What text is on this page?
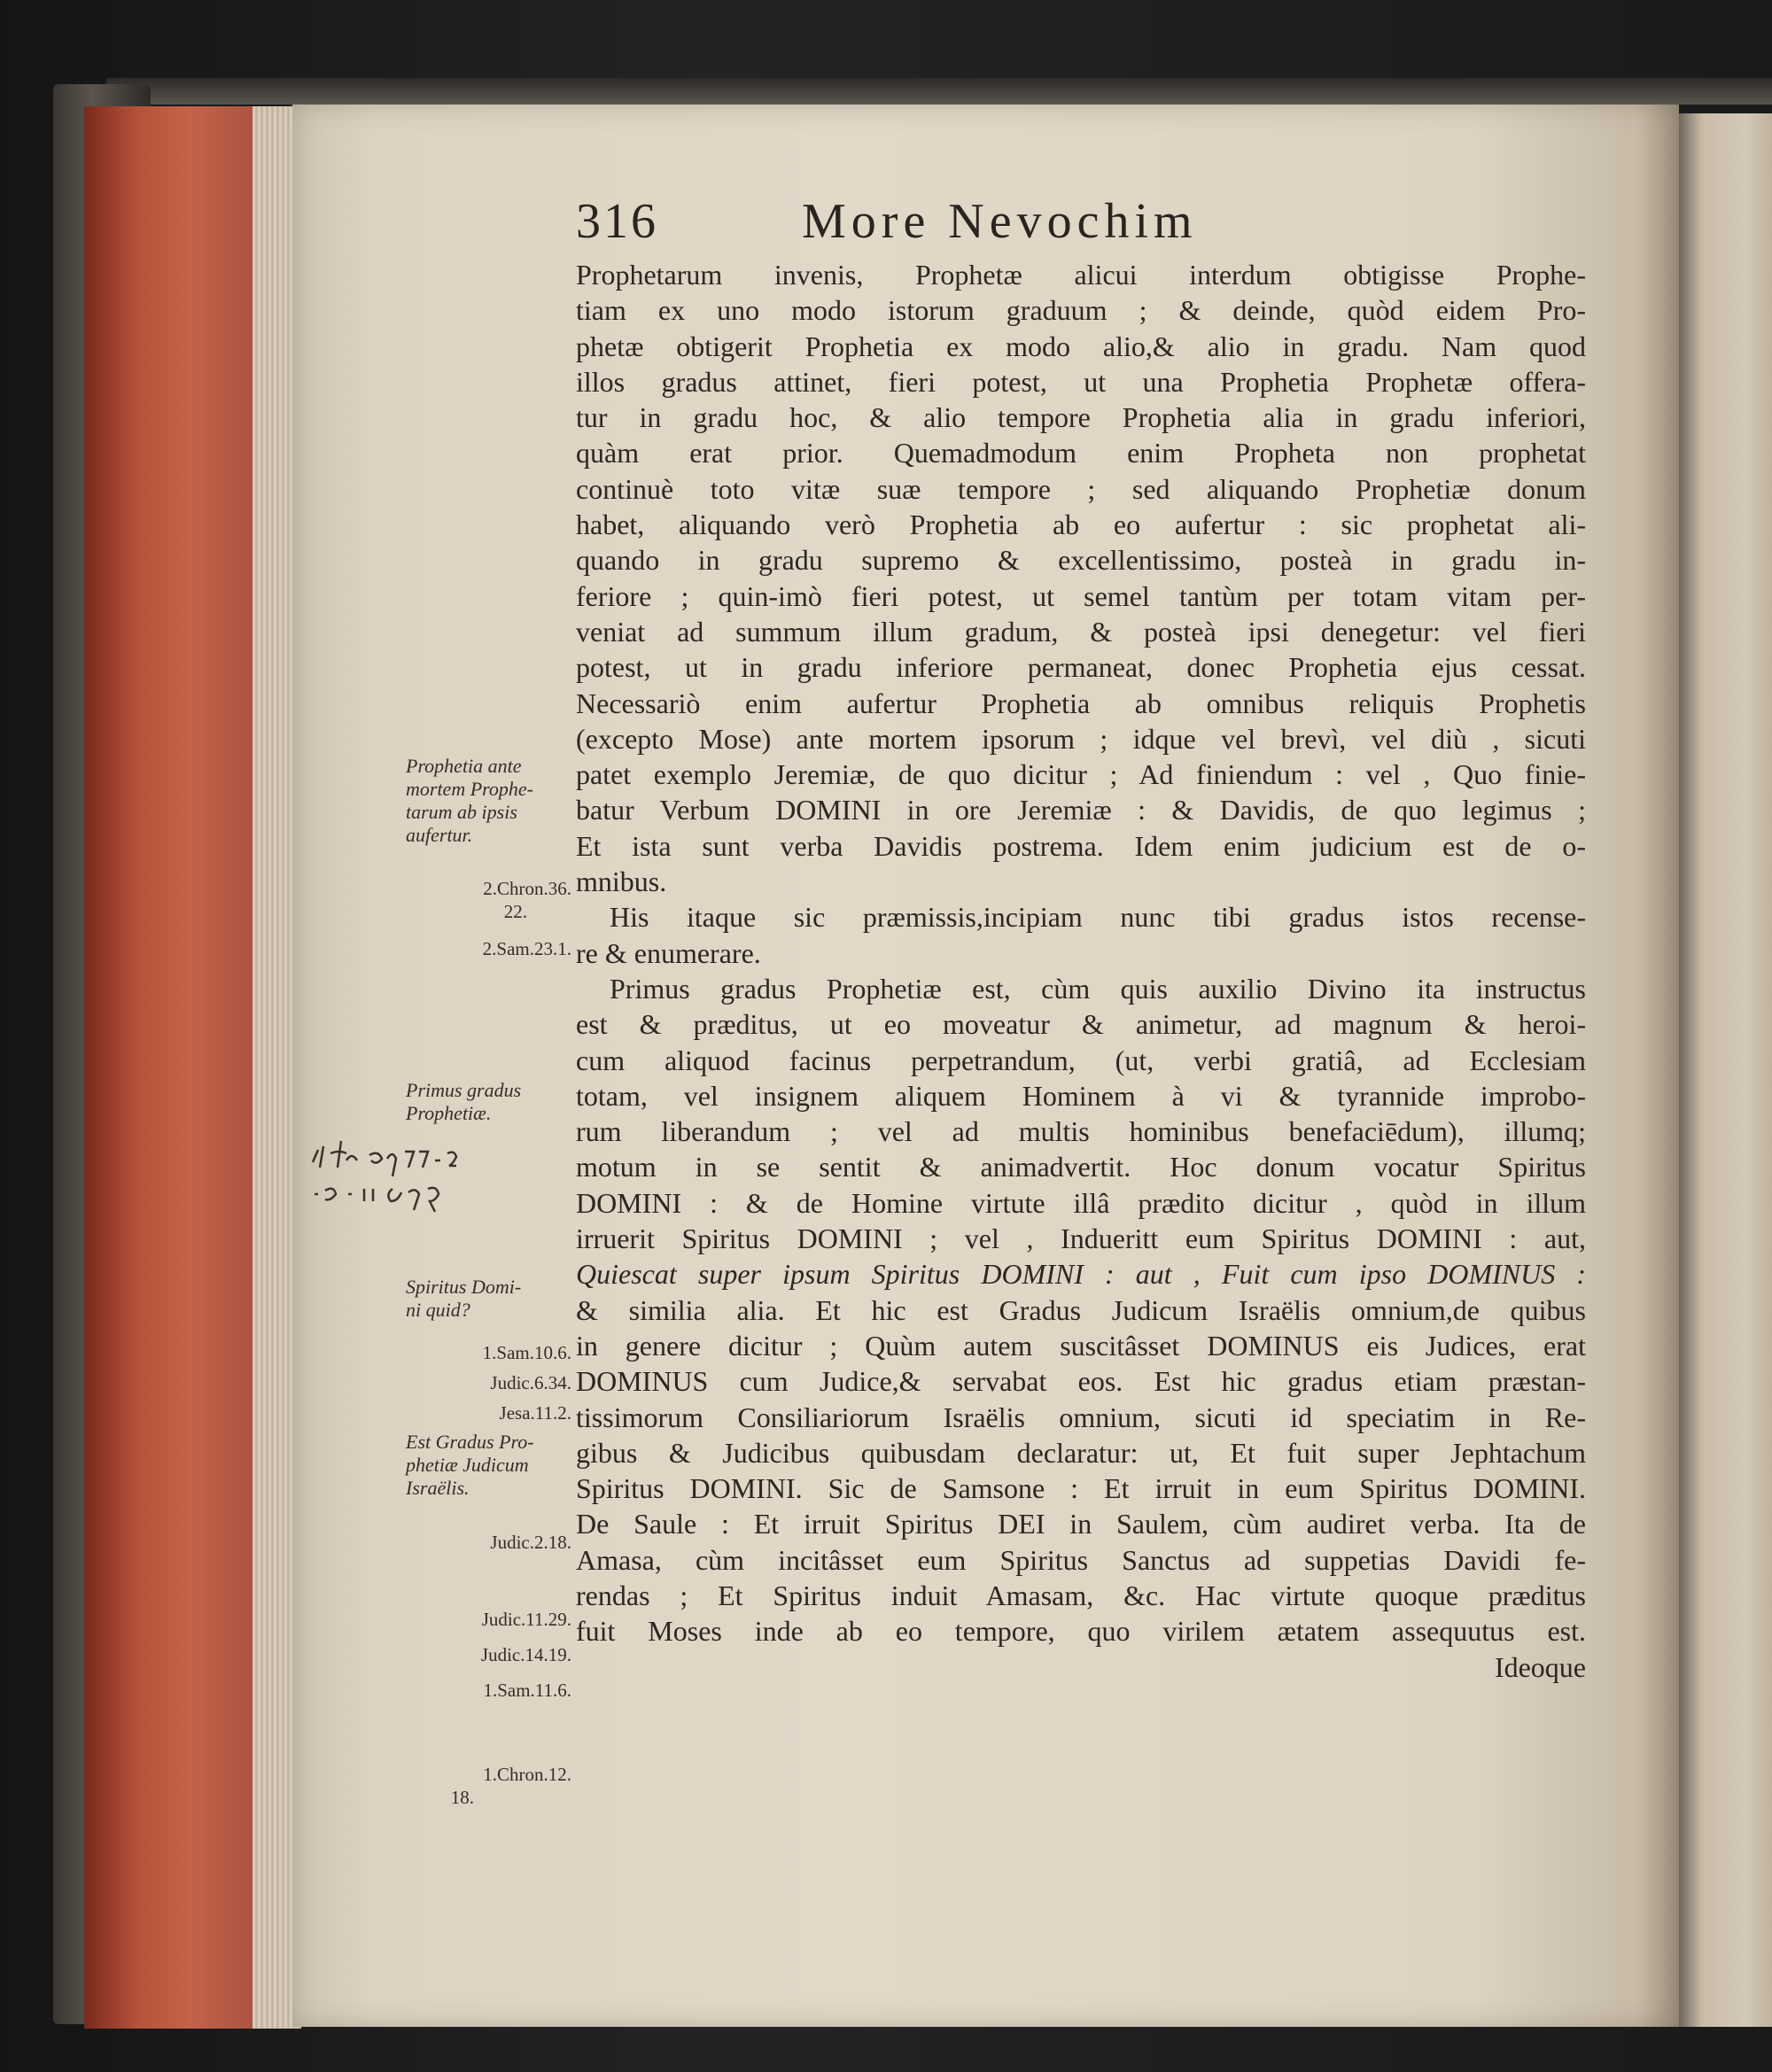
316	More Nevochim
Prophetarum invenis, Prophetæ alicui interdum obtigisse Prophe-
tiam ex uno modo istorum graduum ; & deinde, quòd eidem Pro-
phetæ obtigerit Prophetia ex modo alio,& alio in gradu. Nam quod
illos gradus attinet, fieri potest, ut una Prophetia Prophetæ offera-
tur in gradu hoc, & alio tempore Prophetia alia in gradu inferiori,
quàm erat prior. Quemadmodum enim Propheta non prophetat
continuè toto vitæ suæ tempore ; sed aliquando Prophetiæ donum
habet, aliquando verò Prophetia ab eo aufertur : sic prophetat ali-
quando in gradu supremo & excellentissimo, posteà in gradu in-
feriore ; quin-imò fieri potest, ut semel tantùm per totam vitam per-
veniat ad summum illum gradum, & posteà ipsi denegetur: vel fieri
potest, ut in gradu inferiore permaneat, donec Prophetia ejus cessat.
Necessariò enim aufertur Prophetia ab omnibus reliquis Prophetis
(excepto Mose) ante mortem ipsorum ; idque vel brevì, vel diù , sicuti
patet exemplo Jeremiæ, de quo dicitur ; Ad finiendum : vel , Quo finie-
batur Verbum DOMINI in ore Jeremiæ : & Davidis, de quo legimus ;
Et ista sunt verba Davidis postrema. Idem enim judicium est de o-
mnibus.
His itaque sic præmissis,incipiam nunc tibi gradus istos recense-
re & enumerare.
Primus gradus Prophetiæ est, cùm quis auxilio Divino ita instructus
est & præditus, ut eo moveatur & animetur, ad magnum & heroi-
cum aliquod facinus perpetrandum, (ut, verbi gratiâ, ad Ecclesiam
totam, vel insignem aliquem Hominem à vi & tyrannide improbo-
rum liberandum ; vel ad multis hominibus benefaciēdum), illumq;
motum in se sentit & animadvertit. Hoc donum vocatur Spiritus
DOMINI : & de Homine virtute illâ prædito dicitur , quòd in illum
irruerit Spiritus DOMINI ; vel , Indueritt eum Spiritus DOMINI : aut,
Quiescat super ipsum Spiritus DOMINI : aut , Fuit cum ipso DOMINUS :
& similia alia. Et hic est Gradus Judicum Israëlis omnium,de quibus
in genere dicitur ; Quùm autem suscitâsset DOMINUS eis Judices, erat
DOMINUS cum Judice,& servabat eos. Est hic gradus etiam præstan-
tissimorum Consiliariorum Israëlis omnium, sicuti id speciatim in Re-
gibus & Judicibus quibusdam declaratur: ut, Et fuit super Jephtachum
Spiritus DOMINI. Sic de Samsone : Et irruit in eum Spiritus DOMINI.
De Saule : Et irruit Spiritus DEI in Saulem, cùm audiret verba. Ita de
Amasa, cùm incitâsset eum Spiritus Sanctus ad suppetias Davidi fe-
rendas ; Et Spiritus induit Amasam, &c. Hac virtute quoque præditus
fuit Moses inde ab eo tempore, quo virilem ætatem assequutus est.
Ideoque
Prophetia ante
mortem Prophe-
tarum ab ipsis
aufertur.
2.Chron.36.
22.
2.Sam.23.1.
Primus gradus
Prophetiæ.
Spiritus Domi-
ni quid?
1.Sam.10.6.
Judic.6.34.
Jesa.11.2.
Est Gradus Pro-
phetiæ Judicum
Israëlis.
Judic.2.18.
Judic.11.29.
Judic.14.19.
1.Sam.11.6.
1.Chron.12.
18.
